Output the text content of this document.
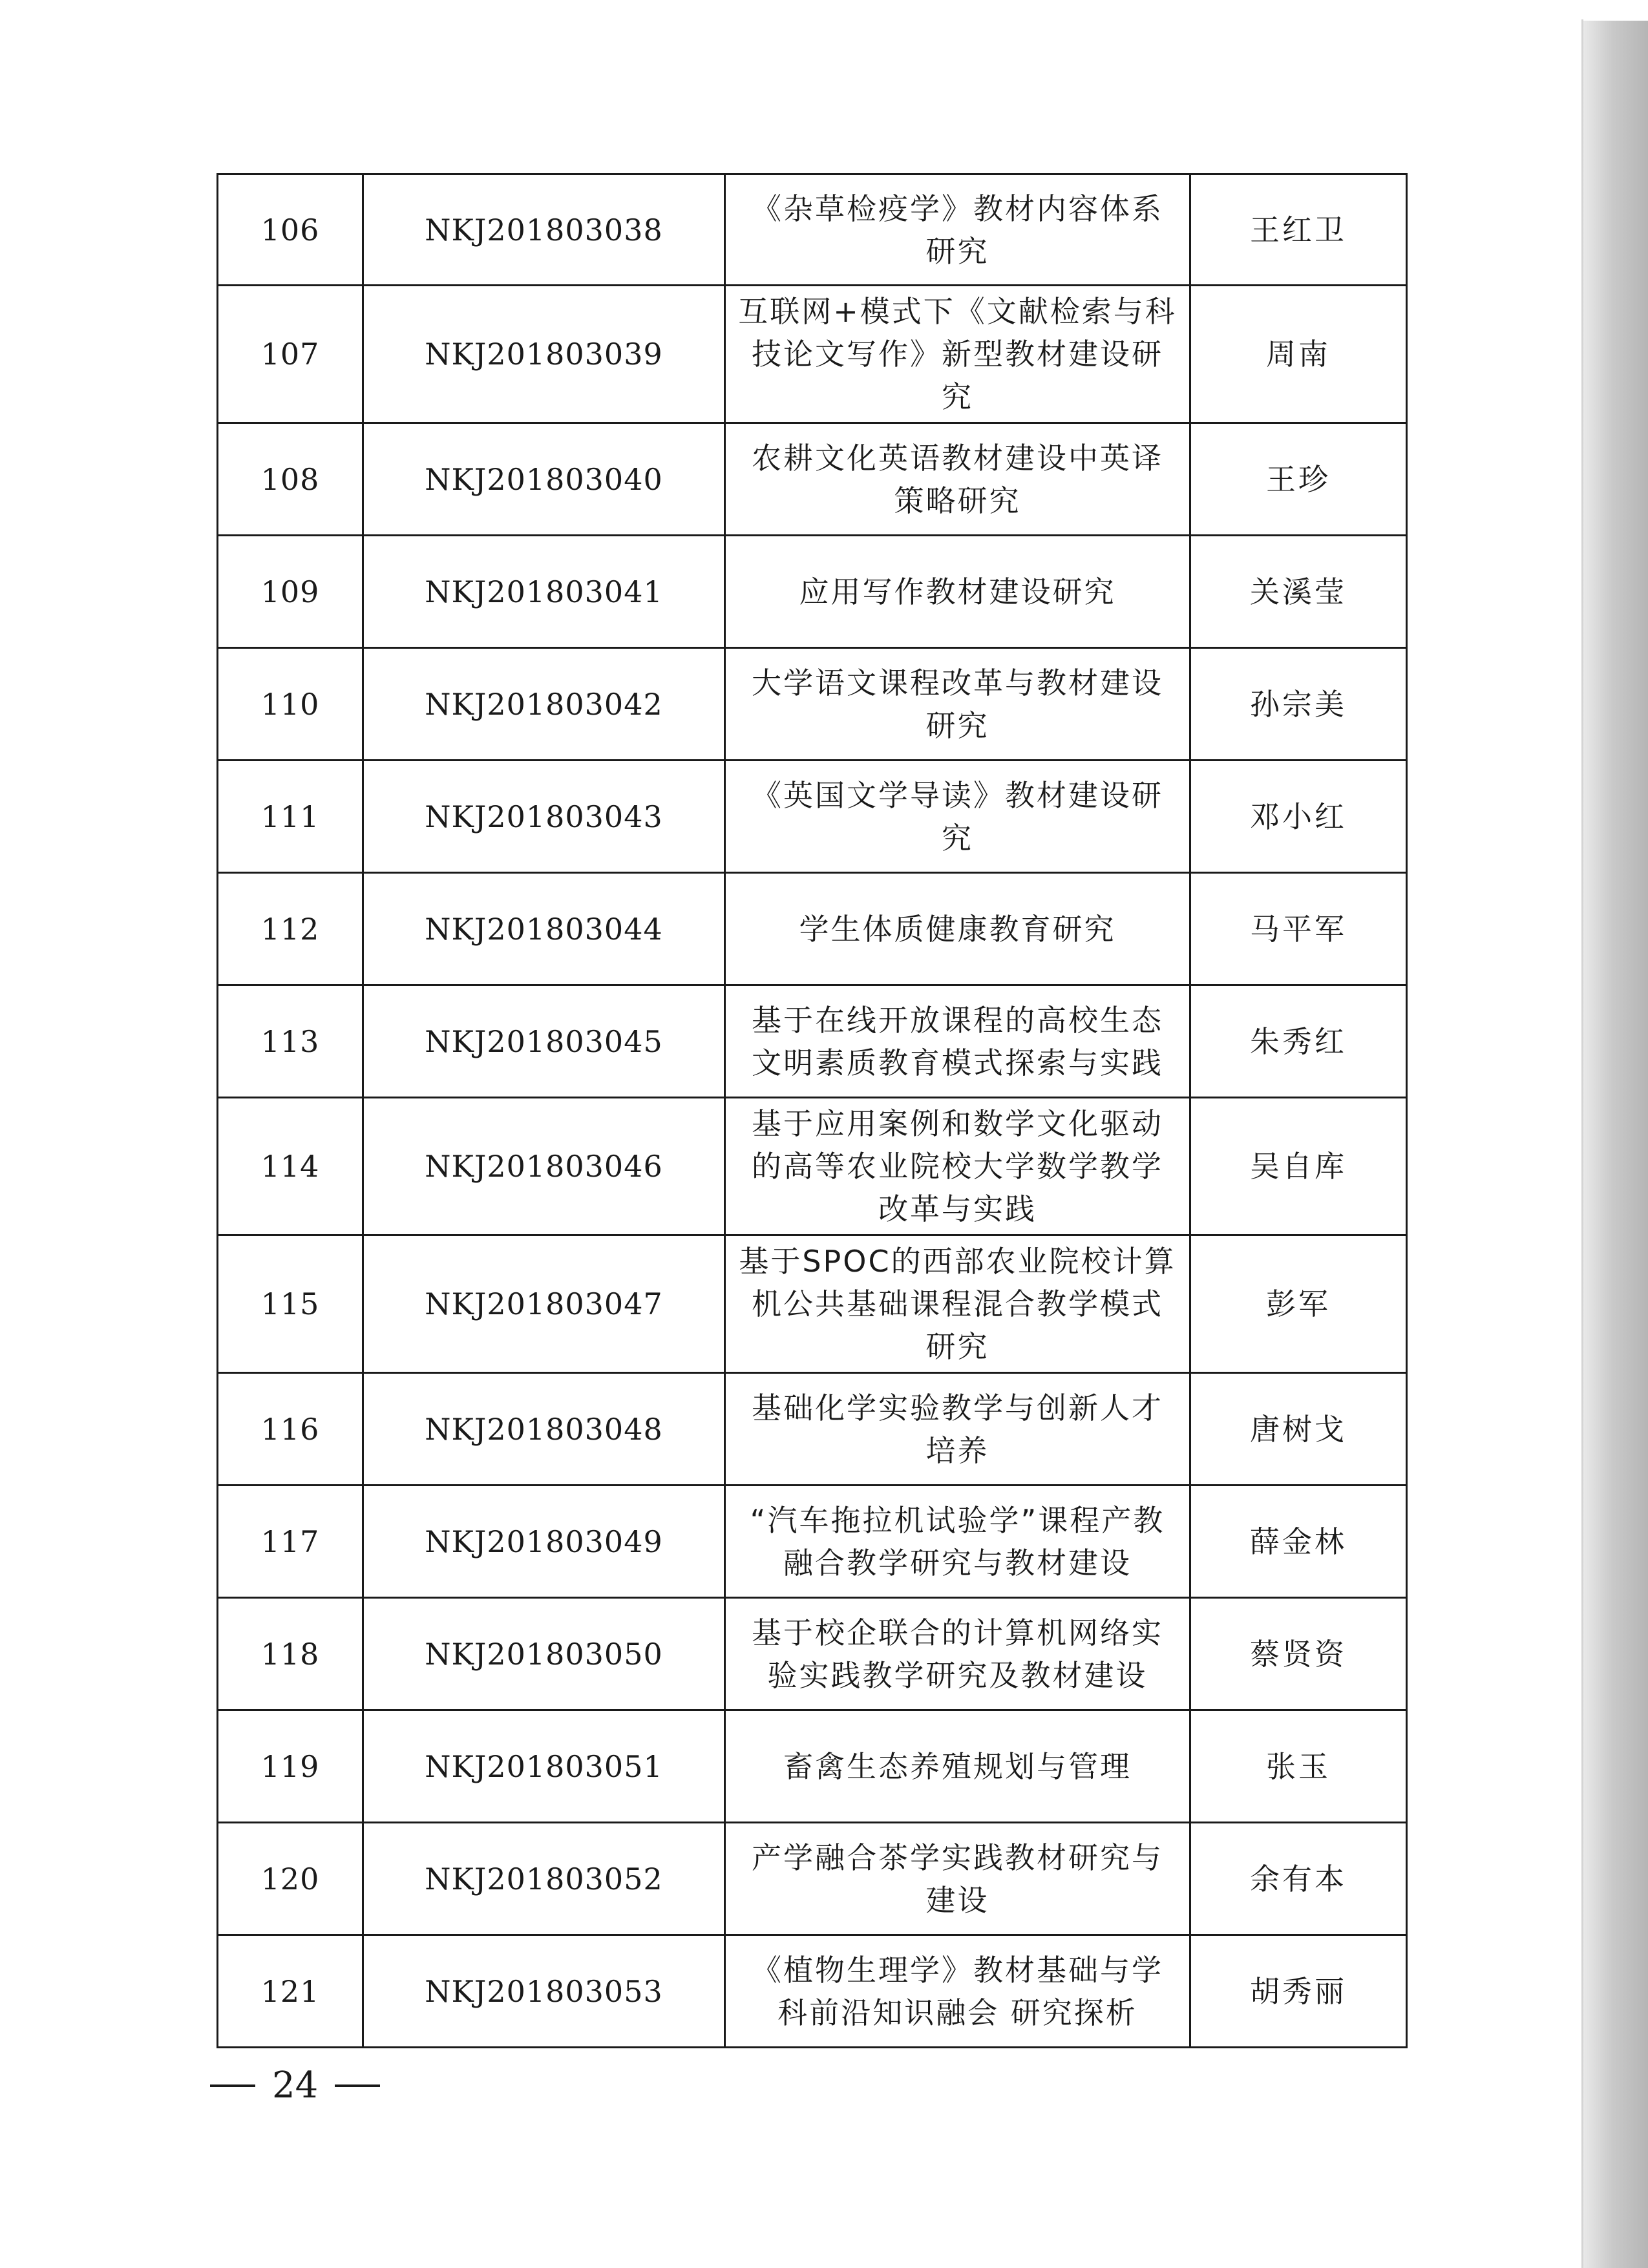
106	NKJ201803038	《杂草检疫学》教材内容体系研究	王红卫
107	NKJ201803039	互联网+模式下《文献检索与科技论文写作》新型教材建设研究	周南
108	NKJ201803040	农耕文化英语教材建设中英译策略研究	王珍
109	NKJ201803041	应用写作教材建设研究	关溪莹
110	NKJ201803042	大学语文课程改革与教材建设研究	孙宗美
111	NKJ201803043	《英国文学导读》教材建设研究	邓小红
112	NKJ201803044	学生体质健康教育研究	马平军
113	NKJ201803045	基于在线开放课程的高校生态文明素质教育模式探索与实践	朱秀红
114	NKJ201803046	基于应用案例和数学文化驱动的高等农业院校大学数学教学改革与实践	吴自库
115	NKJ201803047	基于SPOC的西部农业院校计算机公共基础课程混合教学模式研究	彭军
116	NKJ201803048	基础化学实验教学与创新人才培养	唐树戈
117	NKJ201803049	“汽车拖拉机试验学”课程产教融合教学研究与教材建设	薛金林
118	NKJ201803050	基于校企联合的计算机网络实验实践教学研究及教材建设	蔡贤资
119	NKJ201803051	畜禽生态养殖规划与管理	张玉
120	NKJ201803052	产学融合茶学实践教材研究与建设	余有本
121	NKJ201803053	《植物生理学》教材基础与学科前沿知识融会 研究探析	胡秀丽
24
